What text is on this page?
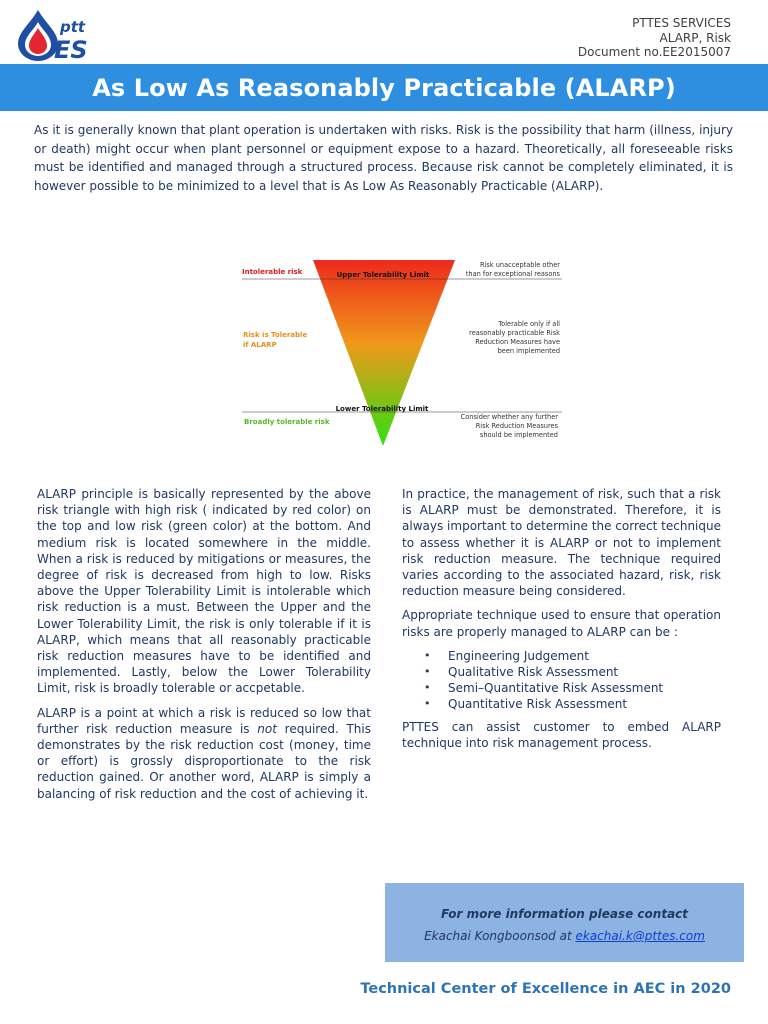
ptt
ES
PTTES SERVICES
ALARP, Risk
Document no.EE2015007
As Low As Reasonably Practicable (ALARP)

As it is generally known that plant operation is undertaken with risks. Risk is the possibility that harm (illness, injury or death) might occur when plant personnel or equipment expose to a hazard. Theoretically, all foreseeable risks must be identified and managed through a structured process. Because risk cannot be completely eliminated, it is however possible to be minimized to a level that is As Low As Reasonably Practicable (ALARP).

Intolerable risk
Risk is Tolerable
if ALARP
Broadly tolerable risk
Upper Tolerability Limit
Lower Tolerability Limit
Risk unacceptable other
than for exceptional reasons
Tolerable only if all
reasonably practicable Risk
Reduction Measures have
been implemented
Consider whether any further
Risk Reduction Measures
should be implemented

ALARP principle is basically represented by the above risk triangle with high risk ( indicated by red color) on the top and low risk (green color) at the bottom. And medium risk is located somewhere in the middle. When a risk is reduced by mitigations or measures, the degree of risk is decreased from high to low. Risks above the Upper Tolerability Limit is intolerable which risk reduction is a must. Between the Upper and the Lower Tolerability Limit, the risk is only tolerable if it is ALARP, which means that all reasonably practicable risk reduction measures have to be identified and implemented. Lastly, below the Lower Tolerability Limit, risk is broadly tolerable or accpetable.

ALARP is a point at which a risk is reduced so low that further risk reduction measure is not required. This demonstrates by the risk reduction cost (money, time or effort) is grossly disproportionate to the risk reduction gained. Or another word, ALARP is simply a balancing of risk reduction and the cost of achieving it.

In practice, the management of risk, such that a risk is ALARP must be demonstrated. Therefore, it is always important to determine the correct technique to assess whether it is ALARP or not to implement risk reduction measure. The technique required varies according to the associated hazard, risk, risk reduction measure being considered.

Appropriate technique used to ensure that operation risks are properly managed to ALARP can be :

• Engineering Judgement
• Qualitative Risk Assessment
• Semi–Quantitative Risk Assessment
• Quantitative Risk Assessment

PTTES can assist customer to embed ALARP technique into risk management process.

For more information please contact
Ekachai Kongboonsod at ekachai.k@pttes.com
Technical Center of Excellence in AEC in 2020
